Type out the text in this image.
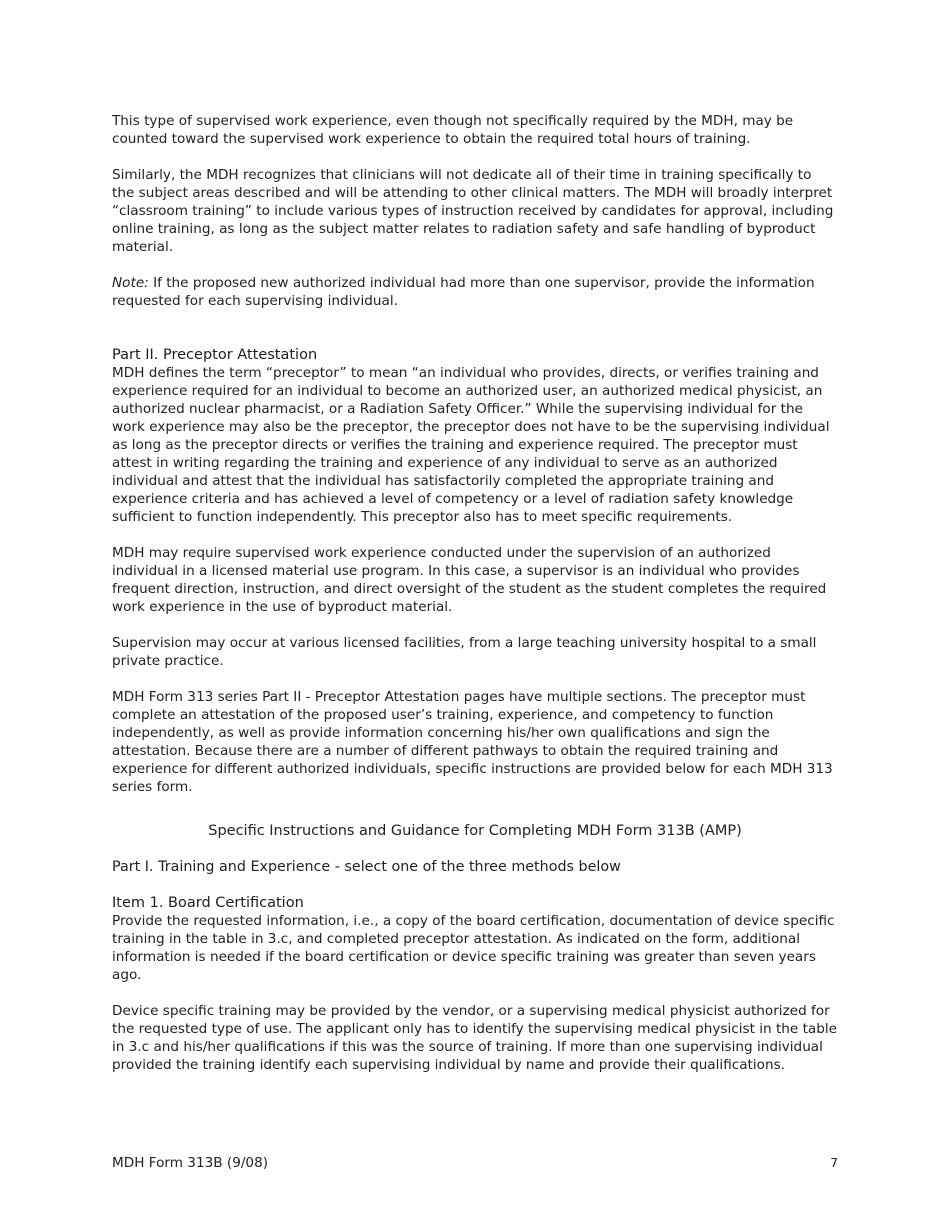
This type of supervised work experience, even though not specifically required by the MDH, may be counted toward the supervised work experience to obtain the required total hours of training.

Similarly, the MDH recognizes that clinicians will not dedicate all of their time in training specifically to the subject areas described and will be attending to other clinical matters. The MDH will broadly interpret “classroom training” to include various types of instruction received by candidates for approval, including online training, as long as the subject matter relates to radiation safety and safe handling of byproduct material.

Note: If the proposed new authorized individual had more than one supervisor, provide the information requested for each supervising individual.

Part II. Preceptor Attestation

MDH defines the term “preceptor” to mean “an individual who provides, directs, or verifies training and experience required for an individual to become an authorized user, an authorized medical physicist, an authorized nuclear pharmacist, or a Radiation Safety Officer.” While the supervising individual for the work experience may also be the preceptor, the preceptor does not have to be the supervising individual as long as the preceptor directs or verifies the training and experience required. The preceptor must attest in writing regarding the training and experience of any individual to serve as an authorized individual and attest that the individual has satisfactorily completed the appropriate training and experience criteria and has achieved a level of competency or a level of radiation safety knowledge sufficient to function independently. This preceptor also has to meet specific requirements.

MDH may require supervised work experience conducted under the supervision of an authorized individual in a licensed material use program. In this case, a supervisor is an individual who provides frequent direction, instruction, and direct oversight of the student as the student completes the required work experience in the use of byproduct material.

Supervision may occur at various licensed facilities, from a large teaching university hospital to a small private practice.

MDH Form 313 series Part II - Preceptor Attestation pages have multiple sections. The preceptor must complete an attestation of the proposed user’s training, experience, and competency to function independently, as well as provide information concerning his/her own qualifications and sign the attestation. Because there are a number of different pathways to obtain the required training and experience for different authorized individuals, specific instructions are provided below for each MDH 313 series form.

Specific Instructions and Guidance for Completing MDH Form 313B (AMP)

Part I. Training and Experience - select one of the three methods below

Item 1. Board Certification

Provide the requested information, i.e., a copy of the board certification, documentation of device specific training in the table in 3.c, and completed preceptor attestation. As indicated on the form, additional information is needed if the board certification or device specific training was greater than seven years ago.

Device specific training may be provided by the vendor, or a supervising medical physicist authorized for the requested type of use. The applicant only has to identify the supervising medical physicist in the table in 3.c and his/her qualifications if this was the source of training. If more than one supervising individual provided the training identify each supervising individual by name and provide their qualifications.

MDH Form 313B (9/08)	7
